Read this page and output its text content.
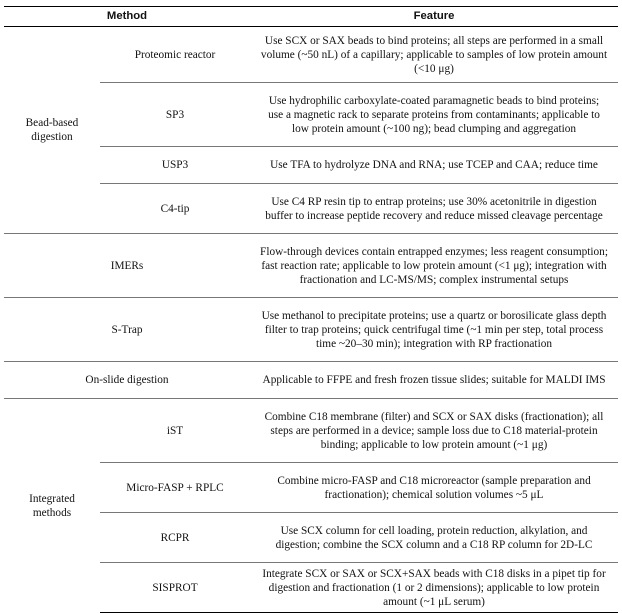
Method		Feature
Bead-based
digestion	Proteomic reactor	Use SCX or SAX beads to bind proteins; all steps are performed in a small volume (~50 nL) of a capillary; applicable to samples of low protein amount (<10 μg)
	SP3	Use hydrophilic carboxylate-coated paramagnetic beads to bind proteins; use a magnetic rack to separate proteins from contaminants; applicable to low protein amount (~100 ng); bead clumping and aggregation
	USP3	Use TFA to hydrolyze DNA and RNA; use TCEP and CAA; reduce time
	C4-tip	Use C4 RP resin tip to entrap proteins; use 30% acetonitrile in digestion buffer to increase peptide recovery and reduce missed cleavage percentage
IMERs		Flow-through devices contain entrapped enzymes; less reagent consumption; fast reaction rate; applicable to low protein amount (<1 μg); integration with fractionation and LC-MS/MS; complex instrumental setups
S-Trap		Use methanol to precipitate proteins; use a quartz or borosilicate glass depth filter to trap proteins; quick centrifugal time (~1 min per step, total process time ~20–30 min); integration with RP fractionation
On-slide digestion		Applicable to FFPE and fresh frozen tissue slides; suitable for MALDI IMS
Integrated
methods	iST	Combine C18 membrane (filter) and SCX or SAX disks (fractionation); all steps are performed in a device; sample loss due to C18 material-protein binding; applicable to low protein amount (~1 μg)
	Micro-FASP + RPLC	Combine micro-FASP and C18 microreactor (sample preparation and fractionation); chemical solution volumes ~5 μL
	RCPR	Use SCX column for cell loading, protein reduction, alkylation, and digestion; combine the SCX column and a C18 RP column for 2D-LC
	SISPROT	Integrate SCX or SAX or SCX+SAX beads with C18 disks in a pipet tip for digestion and fractionation (1 or 2 dimensions); applicable to low protein amount (~1 μL serum)
